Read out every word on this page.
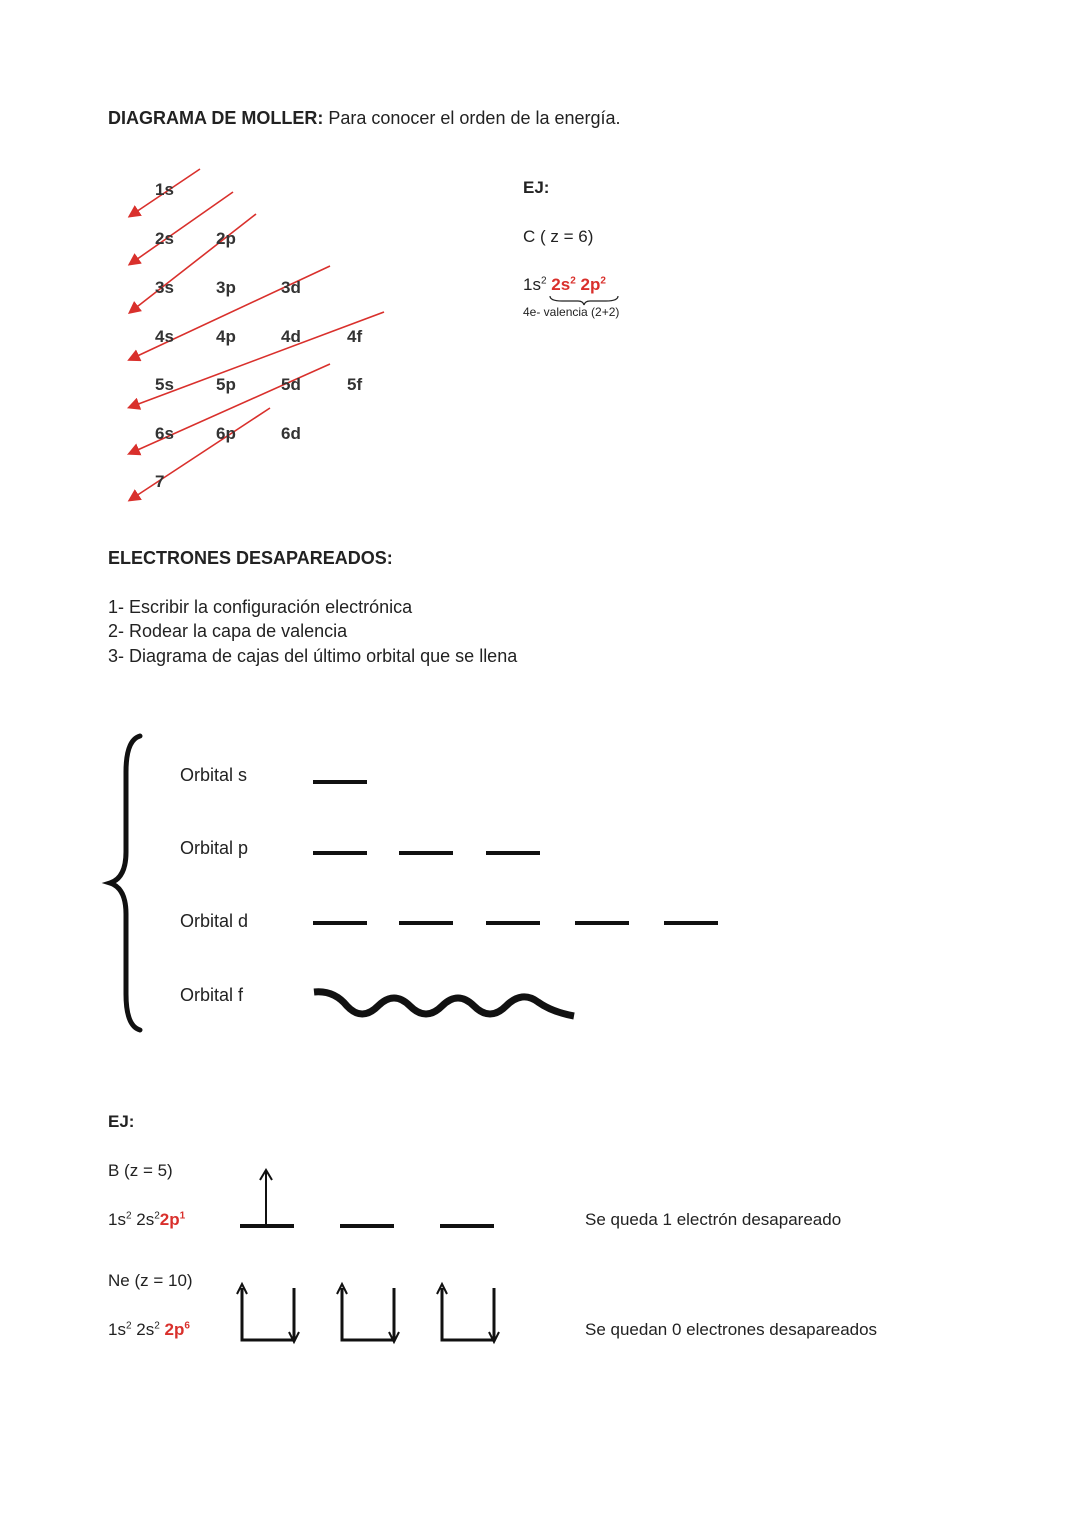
DIAGRAMA DE MOLLER: Para conocer el orden de la energía.
1s
2s
3s
4s
5s
6s
7
2p
3p
4p
5p
6p
3d
4d
5d
6d
4f
5f
EJ:
C ( z = 6)
$1s^2$ $2s^2$ $2p^2$
4e- valencia (2+2)
ELECTRONES DESAPAREADOS:
1- Escribir la configuración electrónica
2- Rodear la capa de valencia
3- Diagrama de cajas del último orbital que se llena
Orbital s
Orbital p
Orbital d
Orbital f
EJ:
B (z = 5)
$1s^2$ $2s^22p^1$	Se queda 1 electrón desapareado
Ne (z = 10)
$1s^2$ $2s^2$ $2p^6$	Se quedan 0 electrones desapareados
